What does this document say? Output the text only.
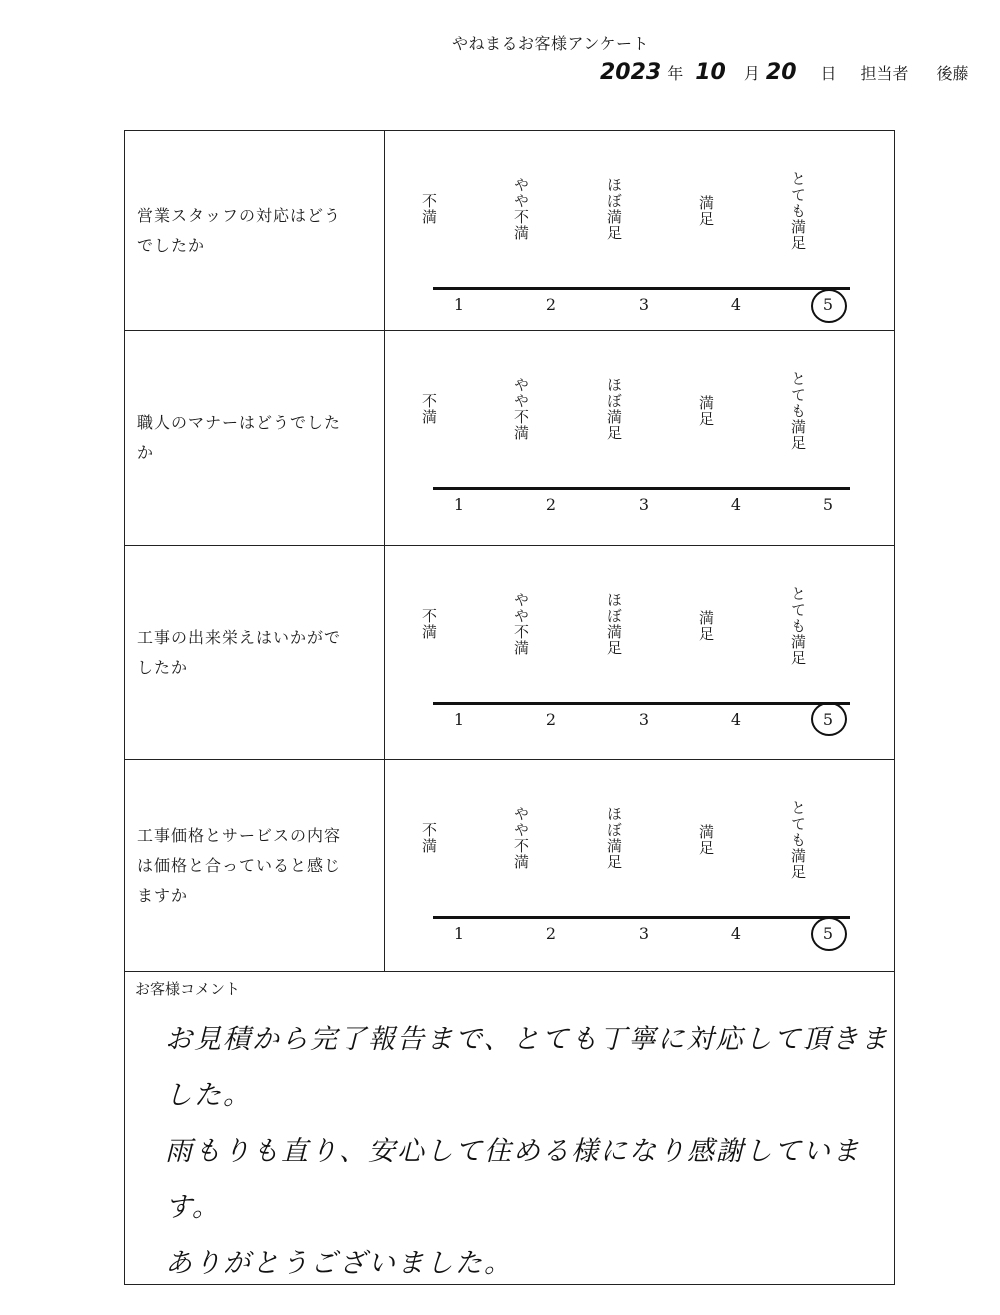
やねまるお客様アンケート
2023 年 10 月 20 日 担当者 後藤
営業スタッフの対応はどうでしたか
不満	やや不満	ほぼ満足	満足	とても満足
1	2	3	4	5
職人のマナーはどうでしたか
不満	やや不満	ほぼ満足	満足	とても満足
1	2	3	4	5
工事の出来栄えはいかがでしたか
不満	やや不満	ほぼ満足	満足	とても満足
1	2	3	4	5
工事価格とサービスの内容は価格と合っていると感じますか
不満	やや不満	ほぼ満足	満足	とても満足
1	2	3	4	5
お客様コメント
お見積から完了報告まで、とても丁寧に対応して頂きました。
雨もりも直り、安心して住める様になり感謝しています。
ありがとうございました。
